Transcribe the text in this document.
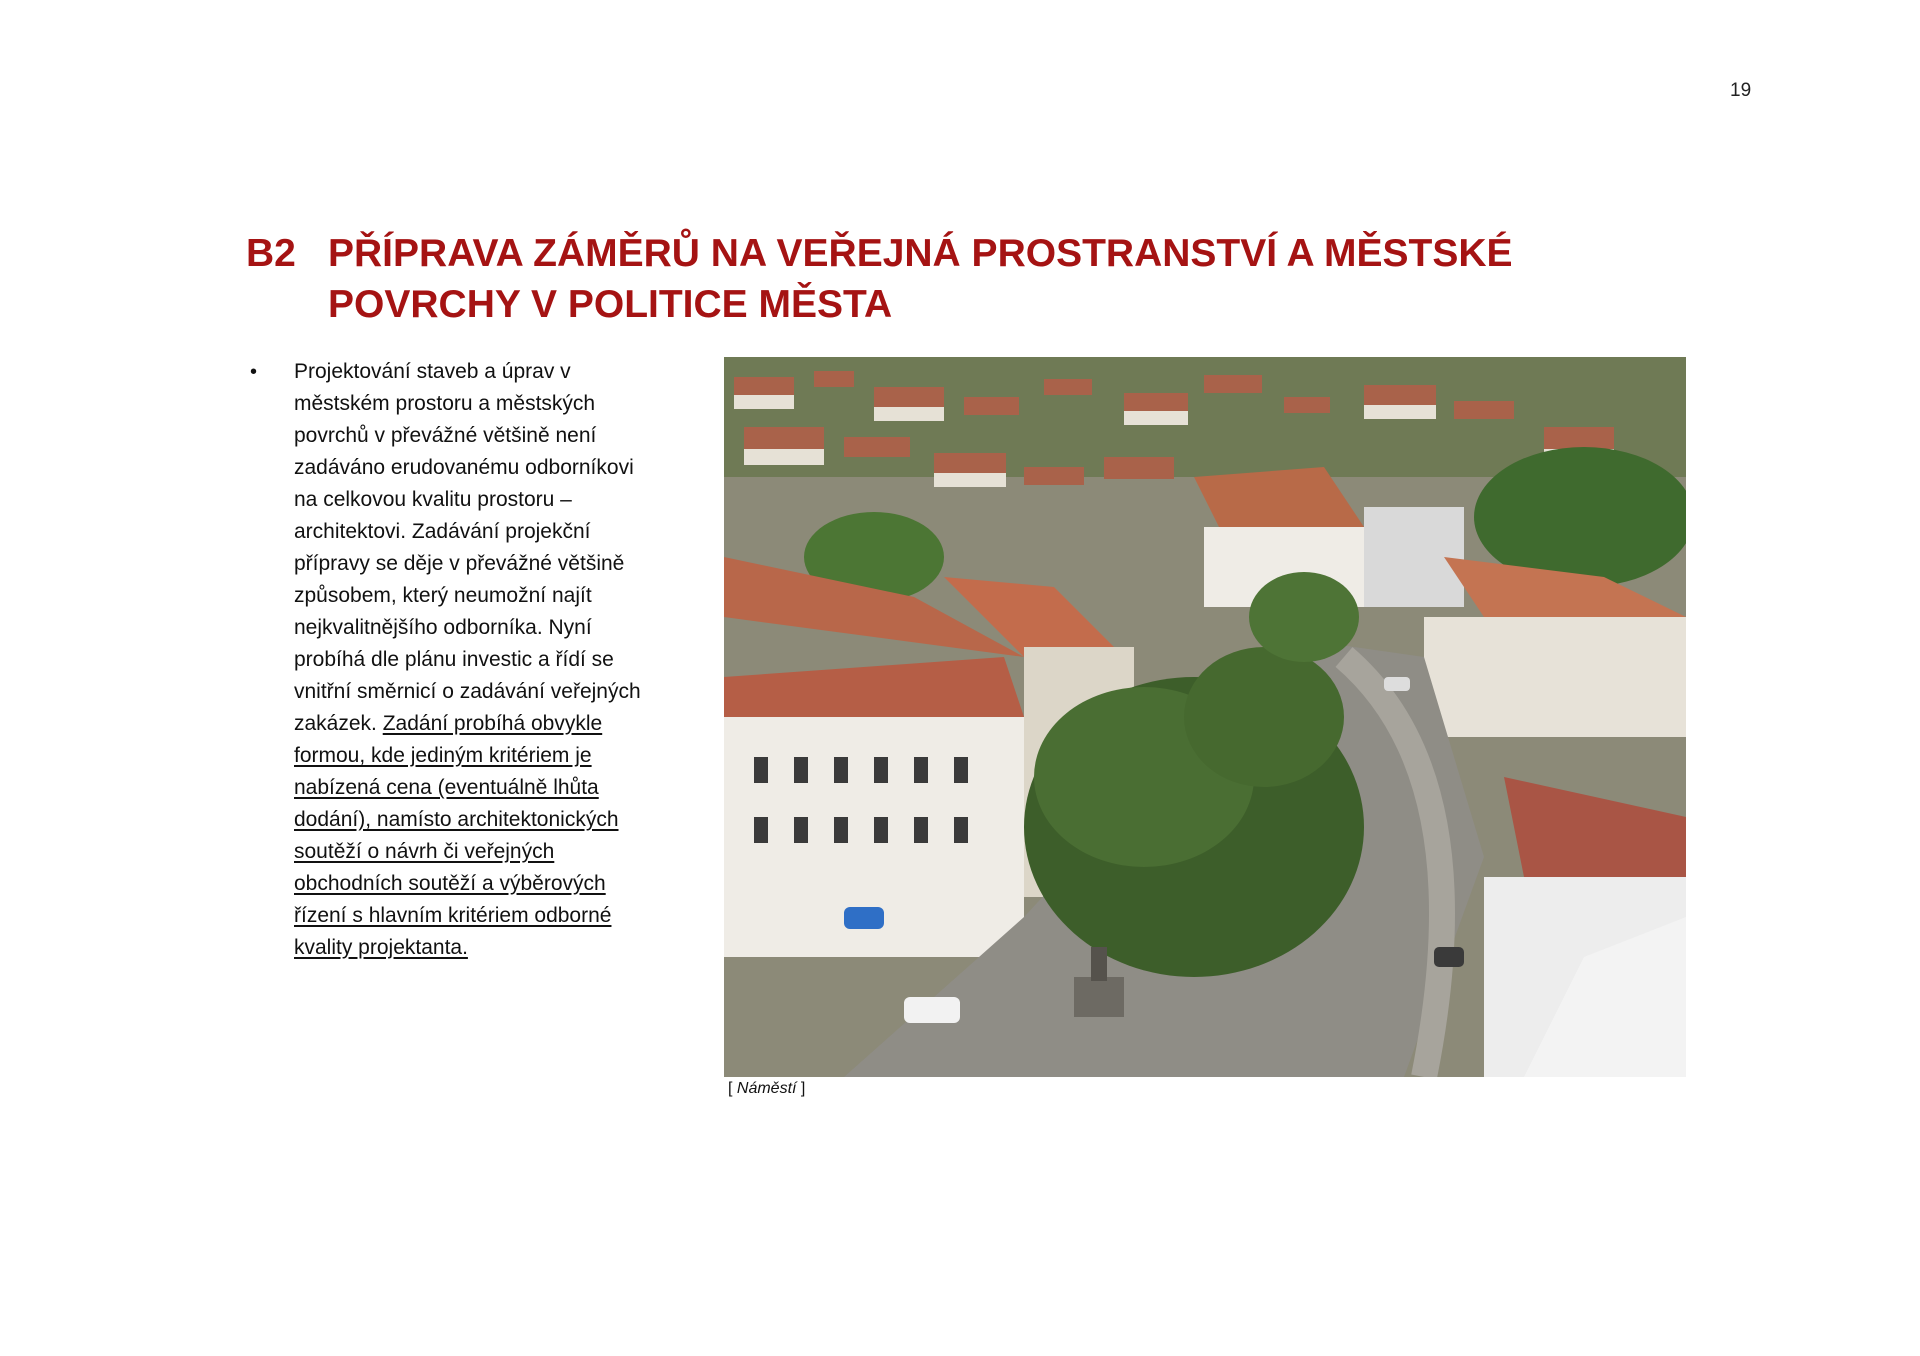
19
B2 PŘÍPRAVA ZÁMĚRŮ NA VEŘEJNÁ PROSTRANSTVÍ A MĚSTSKÉ POVRCHY V POLITICE MĚSTA
•	Projektování staveb a úprav v městském prostoru a městských povrchů v převážné většině není zadáváno erudovanému odborníkovi na celkovou kvalitu prostoru – architektovi. Zadávání projekční přípravy se děje v převážné většině způsobem, který neumožní najít nejkvalitnějšího odborníka. Nyní probíhá dle plánu investic a řídí se vnitřní směrnicí o zadávání veřejných zakázek. Zadání probíhá obvykle formou, kde jediným kritériem je nabízená cena (eventuálně lhůta dodání), namísto architektonických soutěží o návrh či veřejných obchodních soutěží a výběrových řízení s hlavním kritériem odborné kvality projektanta.
[ Náměstí ]
